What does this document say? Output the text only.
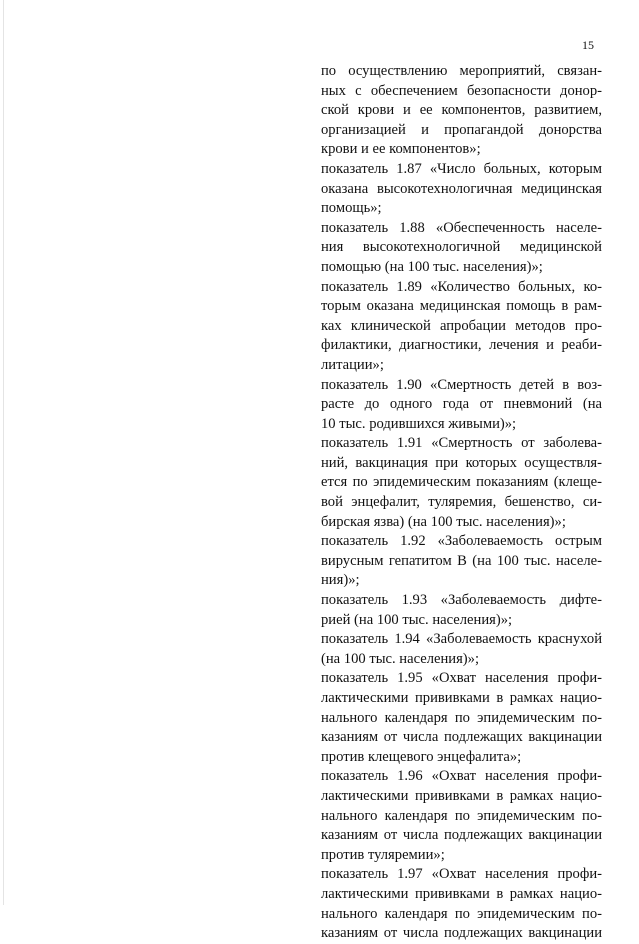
15
по осуществлению мероприятий, связан-
ных с обеспечением безопасности донор-
ской крови и ее компонентов, развитием,
организацией и пропагандой донорства
крови и ее компонентов»;
показатель 1.87 «Число больных, которым
оказана высокотехнологичная медицинская
помощь»;
показатель 1.88 «Обеспеченность населе-
ния высокотехнологичной медицинской
помощью (на 100 тыс. населения)»;
показатель 1.89 «Количество больных, ко-
торым оказана медицинская помощь в рам-
ках клинической апробации методов про-
филактики, диагностики, лечения и реаби-
литации»;
показатель 1.90 «Смертность детей в воз-
расте до одного года от пневмоний (на
10 тыс. родившихся живыми)»;
показатель 1.91 «Смертность от заболева-
ний, вакцинация при которых осуществля-
ется по эпидемическим показаниям (клеще-
вой энцефалит, туляремия, бешенство, си-
бирская язва) (на 100 тыс. населения)»;
показатель 1.92 «Заболеваемость острым
вирусным гепатитом В (на 100 тыс. населе-
ния)»;
показатель 1.93 «Заболеваемость дифте-
рией (на 100 тыс. населения)»;
показатель 1.94 «Заболеваемость краснухой
(на 100 тыс. населения)»;
показатель 1.95 «Охват населения профи-
лактическими прививками в рамках нацио-
нального календаря по эпидемическим по-
казаниям от числа подлежащих вакцинации
против клещевого энцефалита»;
показатель 1.96 «Охват населения профи-
лактическими прививками в рамках нацио-
нального календаря по эпидемическим по-
казаниям от числа подлежащих вакцинации
против туляремии»;
показатель 1.97 «Охват населения профи-
лактическими прививками в рамках нацио-
нального календаря по эпидемическим по-
казаниям от числа подлежащих вакцинации
